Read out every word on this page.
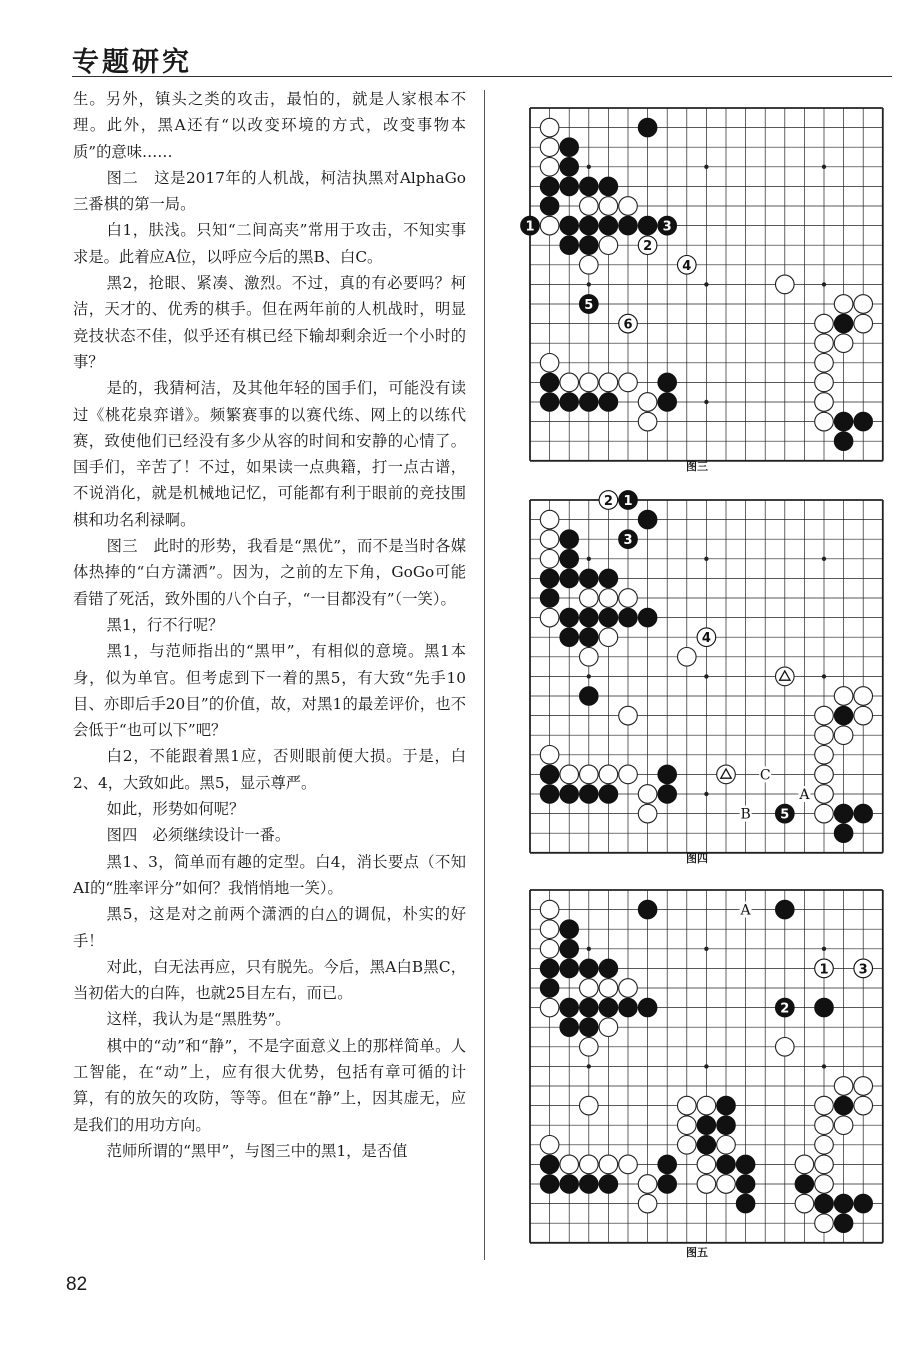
专题研究

生。另外，镇头之类的攻击，最怕的，就是人家根本不理。此外，黑A还有“以改变环境的方式，改变事物本质”的意味……

图二　这是2017年的人机战，柯洁执黑对AlphaGo三番棋的第一局。

白1，肤浅。只知“二间高夹”常用于攻击，不知实事求是。此着应A位，以呼应今后的黑B、白C。

黑2，抢眼、紧凑、激烈。不过，真的有必要吗？柯洁，天才的、优秀的棋手。但在两年前的人机战时，明显竞技状态不佳，似乎还有棋已经下输却剩余近一个小时的事？

是的，我猜柯洁，及其他年轻的国手们，可能没有读过《桃花泉弈谱》。频繁赛事的以赛代练、网上的以练代赛，致使他们已经没有多少从容的时间和安静的心情了。国手们，辛苦了！不过，如果读一点典籍，打一点古谱，不说消化，就是机械地记忆，可能都有利于眼前的竞技围棋和功名利禄啊。

图三　此时的形势，我看是“黑优”，而不是当时各媒体热捧的“白方潇洒”。因为，之前的左下角，GoGo可能看错了死活，致外围的八个白子，“一目都没有”（一笑）。

黑1，行不行呢？

黑1，与范师指出的“黑甲”，有相似的意境。黑1本身，似为单官。但考虑到下一着的黑5，有大致“先手10目、亦即后手20目”的价值，故，对黑1的最差评价，也不会低于“也可以下”吧？

白2，不能跟着黑1应，否则眼前便大损。于是，白2、4，大致如此。黑5，显示尊严。

如此，形势如何呢？

图四　必须继续设计一番。

黑1、3，简单而有趣的定型。白4，消长要点（不知AI的“胜率评分”如何？我悄悄地一笑）。

黑5，这是对之前两个潇洒的白△的调侃，朴实的好手！

对此，白无法再应，只有脱先。今后，黑A白B黑C，当初偌大的白阵，也就25目左右，而已。

这样，我认为是“黑胜势”。

棋中的“动”和“静”，不是字面意义上的那样简单。人工智能，在“动”上，应有很大优势，包括有章可循的计算，有的放矢的攻防，等等。但在“静”上，因其虚无，应是我们的用功方向。

范师所谓的“黑甲”，与图三中的黑1，是否值

1	3
2
4
5
6
图三
2 1
3
4
5
C
A
B
图四
1 3
2
A
图五
82
